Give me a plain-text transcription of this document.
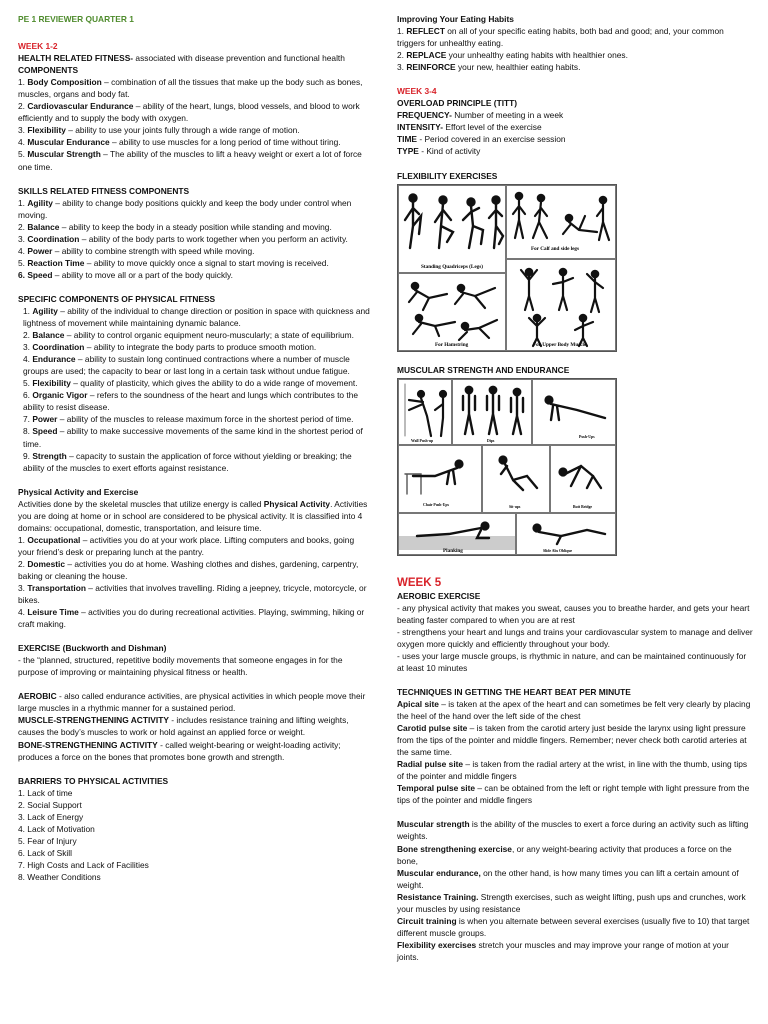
PE 1 REVIEWER QUARTER 1

WEEK 1-2

HEALTH RELATED FITNESS- associated with disease prevention and functional health

COMPONENTS

1. Body Composition – combination of all the tissues that make up the body such as bones, muscles, organs and body fat.

2. Cardiovascular Endurance – ability of the heart, lungs, blood vessels, and blood to work efficiently and to supply the body with oxygen.

3. Flexibility – ability to use your joints fully through a wide range of motion.

4. Muscular Endurance – ability to use muscles for a long period of time without tiring.

5. Muscular Strength – The ability of the muscles to lift a heavy weight or exert a lot of force one time.

SKILLS RELATED FITNESS COMPONENTS

1. Agility – ability to change body positions quickly and keep the body under control when moving.

2. Balance – ability to keep the body in a steady position while standing and moving.

3. Coordination – ability of the body parts to work together when you perform an activity.

4. Power – ability to combine strength with speed while moving.

5. Reaction Time – ability to move quickly once a signal to start moving is received.

6. Speed – ability to move all or a part of the body quickly.

SPECIFIC COMPONENTS OF PHYSICAL FITNESS

1. Agility – ability of the individual to change direction or position in space with quickness and lightness of movement while maintaining dynamic balance.

2. Balance – ability to control organic equipment neuro-muscularly; a state of equilibrium.

3. Coordination – ability to integrate the body parts to produce smooth motion.

4. Endurance – ability to sustain long continued contractions where a number of muscle groups are used; the capacity to bear or last long in a certain task without undue fatigue.

5. Flexibility – quality of plasticity, which gives the ability to do a wide range of movement.

6. Organic Vigor – refers to the soundness of the heart and lungs which contributes to the ability to resist disease.

7. Power – ability of the muscles to release maximum force in the shortest period of time.

8. Speed – ability to make successive movements of the same kind in the shortest period of time.

9. Strength – capacity to sustain the application of force without yielding or breaking; the ability of the muscles to exert efforts against resistance.

Physical Activity and Exercise

Activities done by the skeletal muscles that utilize energy is called Physical Activity. Activities you are doing at home or in school are considered to be physical activity. It is classified into 4 domains: occupational, domestic, transportation, and leisure time.

1. Occupational – activities you do at your work place. Lifting computers and books, going your friend’s desk or preparing lunch at the pantry.

2. Domestic – activities you do at home. Washing clothes and dishes, gardening, carpentry, baking or cleaning the house.

3. Transportation – activities that involves travelling. Riding a jeepney, tricycle, motorcycle, or bikes.

4. Leisure Time – activities you do during recreational activities. Playing, swimming, hiking or craft making.

EXERCISE (Buckworth and Dishman)

- the “planned, structured, repetitive bodily movements that someone engages in for the purpose of improving or maintaining physical fitness or health.

AEROBIC - also called endurance activities, are physical activities in which people move their large muscles in a rhythmic manner for a sustained period.

MUSCLE-STRENGTHENING ACTIVITY - includes resistance training and lifting weights, causes the body’s muscles to work or hold against an applied force or weight.

BONE-STRENGTHENING ACTIVITY - called weight-bearing or weight-loading activity; produces a force on the bones that promotes bone growth and strength.

BARRIERS TO PHYSICAL ACTIVITIES

1. Lack of time

2. Social Support

3. Lack of Energy

4. Lack of Motivation

5. Fear of Injury

6. Lack of Skill

7. High Costs and Lack of Facilities

8. Weather Conditions

Improving Your Eating Habits

1. REFLECT on all of your specific eating habits, both bad and good; and, your common triggers for unhealthy eating.

2. REPLACE your unhealthy eating habits with healthier ones.

3. REINFORCE your new, healthier eating habits.

WEEK 3-4

OVERLOAD PRINCIPLE (TITT)

FREQUENCY- Number of meeting in a week

INTENSITY- Effort level of the exercise

TIME - Period covered in an exercise session

TYPE - Kind of activity

FLEXIBILITY EXERCISES

Standing Quadriceps (Legs)
For Calf and side legs
For Hamstring	For Upper Body Muscle

MUSCULAR STRENGTH AND ENDURANCE

Wall Push-up	Dips
Push-Ups
Chair Push-Ups	Sit-ups	Butt Bridge
Planking	Slide Abs Oblique

WEEK 5

AEROBIC EXERCISE

- any physical activity that makes you sweat, causes you to breathe harder, and gets your heart beating faster compared to when you are at rest

- strengthens your heart and lungs and trains your cardiovascular system to manage and deliver oxygen more quickly and efficiently throughout your body.

- uses your large muscle groups, is rhythmic in nature, and can be maintained continuously for at least 10 minutes

TECHNIQUES IN GETTING THE HEART BEAT PER MINUTE

Apical site – is taken at the apex of the heart and can sometimes be felt very clearly by placing the heel of the hand over the left side of the chest

Carotid pulse site – is taken from the carotid artery just beside the larynx using light pressure from the tips of the pointer and middle fingers. Remember; never check both carotid arteries at the same time.

Radial pulse site – is taken from the radial artery at the wrist, in line with the thumb, using tips of the pointer and middle fingers

Temporal pulse site – can be obtained from the left or right temple with light pressure from the tips of the pointer and middle fingers

Muscular strength is the ability of the muscles to exert a force during an activity such as lifting weights.

Bone strengthening exercise, or any weight-bearing activity that produces a force on the bone,

Muscular endurance, on the other hand, is how many times you can lift a certain amount of weight.

Resistance Training. Strength exercises, such as weight lifting, push ups and crunches, work your muscles by using resistance

Circuit training is when you alternate between several exercises (usually five to 10) that target different muscle groups.

Flexibility exercises stretch your muscles and may improve your range of motion at your joints.
